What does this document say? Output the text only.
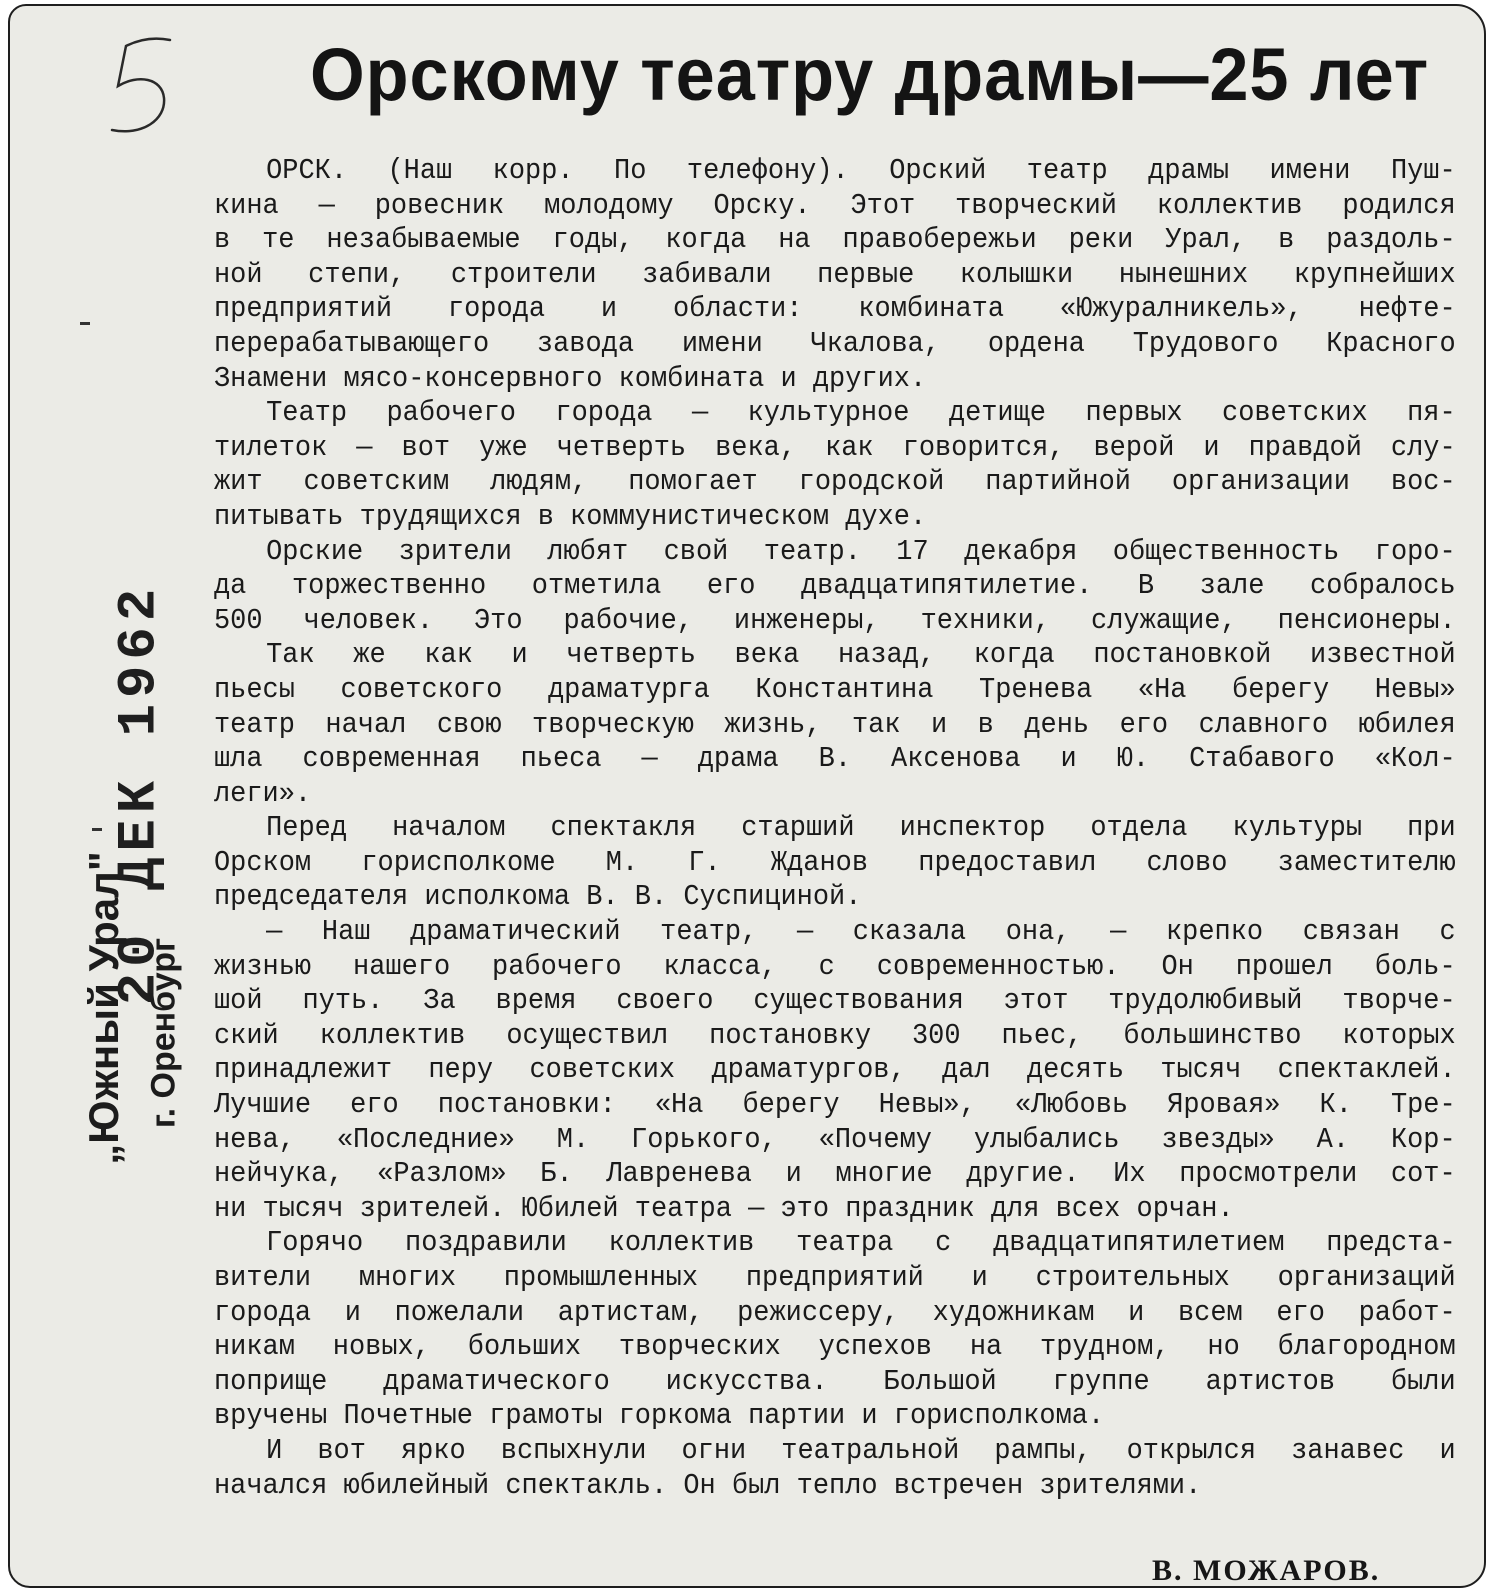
Орскому театру драмы—25 лет
20 ДЕК 1962
„Южный Урал" г. Оренбург
ОРСК. (Наш корр. По телефону). Орский театр драмы имени Пуш-
кина — ровесник молодому Орску. Этот творческий коллектив родился
в те незабываемые годы, когда на правобережьи реки Урал, в раздоль-
ной степи, строители забивали первые колышки нынешних крупнейших
предприятий города и области: комбината «Южуралникель», нефте-
перерабатывающего завода имени Чкалова, ордена Трудового Красного
Знамени мясо-консервного комбината и других.
Театр рабочего города — культурное детище первых советских пя-
тилеток — вот уже четверть века, как говорится, верой и правдой слу-
жит советским людям, помогает городской партийной организации вос-
питывать трудящихся в коммунистическом духе.
Орские зрители любят свой театр. 17 декабря общественность горо-
да торжественно отметила его двадцатипятилетие. В зале собралось
500 человек. Это рабочие, инженеры, техники, служащие, пенсионеры.
Так же как и четверть века назад, когда постановкой известной
пьесы советского драматурга Константина Тренева «На берегу Невы»
театр начал свою творческую жизнь, так и в день его славного юбилея
шла современная пьеса — драма В. Аксенова и Ю. Стабавого «Кол-
леги».
Перед началом спектакля старший инспектор отдела культуры при
Орском горисполкоме М. Г. Жданов предоставил слово заместителю
председателя исполкома В. В. Суспициной.
— Наш драматический театр, — сказала она, — крепко связан с
жизнью нашего рабочего класса, с современностью. Он прошел боль-
шой путь. За время своего существования этот трудолюбивый творче-
ский коллектив осуществил постановку 300 пьес, большинство которых
принадлежит перу советских драматургов, дал десять тысяч спектаклей.
Лучшие его постановки: «На берегу Невы», «Любовь Яровая» К. Тре-
нева, «Последние» М. Горького, «Почему улыбались звезды» А. Кор-
нейчука, «Разлом» Б. Лавренева и многие другие. Их просмотрели сот-
ни тысяч зрителей. Юбилей театра — это праздник для всех орчан.
Горячо поздравили коллектив театра с двадцатипятилетием предста-
вители многих промышленных предприятий и строительных организаций
города и пожелали артистам, режиссеру, художникам и всем его работ-
никам новых, больших творческих успехов на трудном, но благородном
поприще драматического искусства. Большой группе артистов были
вручены Почетные грамоты горкома партии и горисполкома.
И вот ярко вспыхнули огни театральной рампы, открылся занавес и
начался юбилейный спектакль. Он был тепло встречен зрителями.
В. МОЖАРОВ.
